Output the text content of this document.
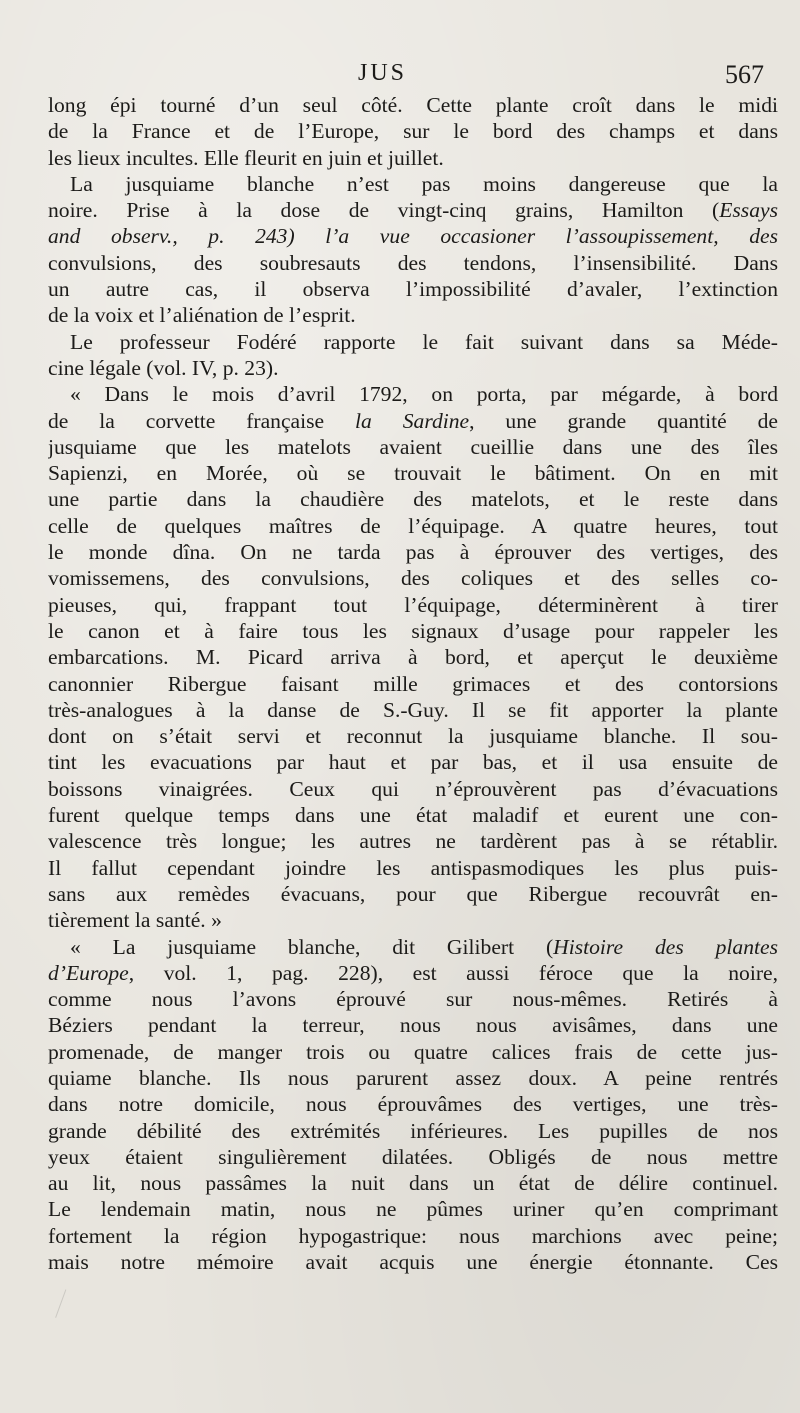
JUS	567
long épi tourné d’un seul côté. Cette plante croît dans le midi
de la France et de l’Europe, sur le bord des champs et dans
les lieux incultes. Elle fleurit en juin et juillet.
La jusquiame blanche n’est pas moins dangereuse que la
noire. Prise à la dose de vingt-cinq grains, Hamilton (Essays
and observ., p. 243) l’a vue occasioner l’assoupissement, des
convulsions, des soubresauts des tendons, l’insensibilité. Dans
un autre cas, il observa l’impossibilité d’avaler, l’extinction
de la voix et l’aliénation de l’esprit.
Le professeur Fodéré rapporte le fait suivant dans sa Méde-
cine légale (vol. IV, p. 23).
« Dans le mois d’avril 1792, on porta, par mégarde, à bord
de la corvette française la Sardine, une grande quantité de
jusquiame que les matelots avaient cueillie dans une des îles
Sapienzi, en Morée, où se trouvait le bâtiment. On en mit
une partie dans la chaudière des matelots, et le reste dans
celle de quelques maîtres de l’équipage. A quatre heures, tout
le monde dîna. On ne tarda pas à éprouver des vertiges, des
vomissemens, des convulsions, des coliques et des selles co-
pieuses, qui, frappant tout l’équipage, déterminèrent à tirer
le canon et à faire tous les signaux d’usage pour rappeler les
embarcations. M. Picard arriva à bord, et aperçut le deuxième
canonnier Ribergue faisant mille grimaces et des contorsions
très-analogues à la danse de S.-Guy. Il se fit apporter la plante
dont on s’était servi et reconnut la jusquiame blanche. Il sou-
tint les evacuations par haut et par bas, et il usa ensuite de
boissons vinaigrées. Ceux qui n’éprouvèrent pas d’évacuations
furent quelque temps dans une état maladif et eurent une con-
valescence très longue; les autres ne tardèrent pas à se rétablir.
Il fallut cependant joindre les antispasmodiques les plus puis-
sans aux remèdes évacuans, pour que Ribergue recouvrât en-
tièrement la santé. »
« La jusquiame blanche, dit Gilibert (Histoire des plantes
d’Europe, vol. 1, pag. 228), est aussi féroce que la noire,
comme nous l’avons éprouvé sur nous-mêmes. Retirés à
Béziers pendant la terreur, nous nous avisâmes, dans une
promenade, de manger trois ou quatre calices frais de cette jus-
quiame blanche. Ils nous parurent assez doux. A peine rentrés
dans notre domicile, nous éprouvâmes des vertiges, une très-
grande débilité des extrémités inférieures. Les pupilles de nos
yeux étaient singulièrement dilatées. Obligés de nous mettre
au lit, nous passâmes la nuit dans un état de délire continuel.
Le lendemain matin, nous ne pûmes uriner qu’en comprimant
fortement la région hypogastrique: nous marchions avec peine;
mais notre mémoire avait acquis une énergie étonnante. Ces
